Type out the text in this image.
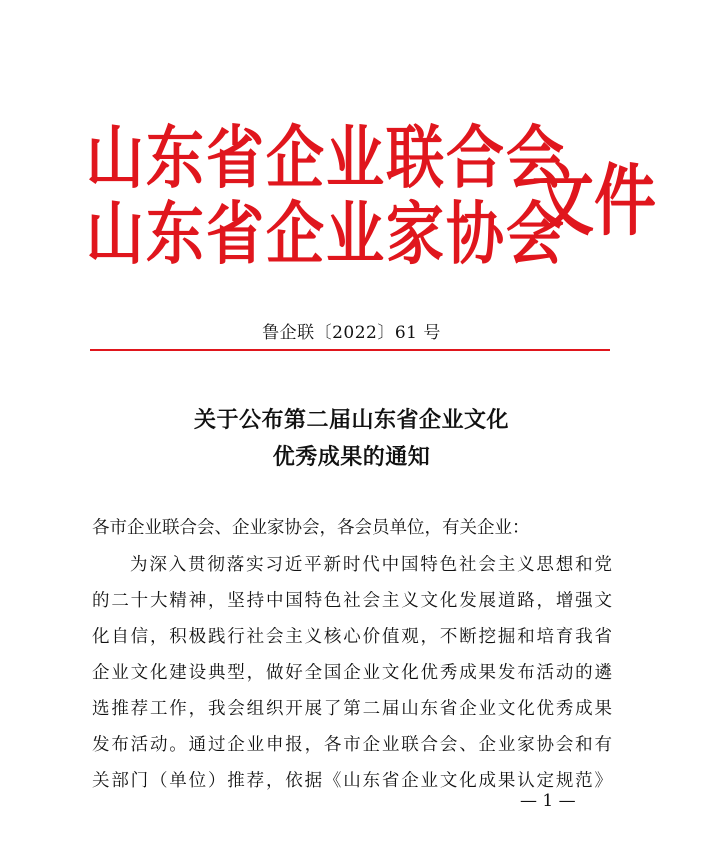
山东省企业联合会
山东省企业家协会
文件
鲁企联〔2022〕61 号
关于公布第二届山东省企业文化
优秀成果的通知
各市企业联合会、企业家协会，各会员单位，有关企业：
为深入贯彻落实习近平新时代中国特色社会主义思想和党
的二十大精神，坚持中国特色社会主义文化发展道路，增强文
化自信，积极践行社会主义核心价值观，不断挖掘和培育我省
企业文化建设典型，做好全国企业文化优秀成果发布活动的遴
选推荐工作，我会组织开展了第二届山东省企业文化优秀成果
发布活动。通过企业申报，各市企业联合会、企业家协会和有
关部门（单位）推荐，依据《山东省企业文化成果认定规范》
— 1 —
